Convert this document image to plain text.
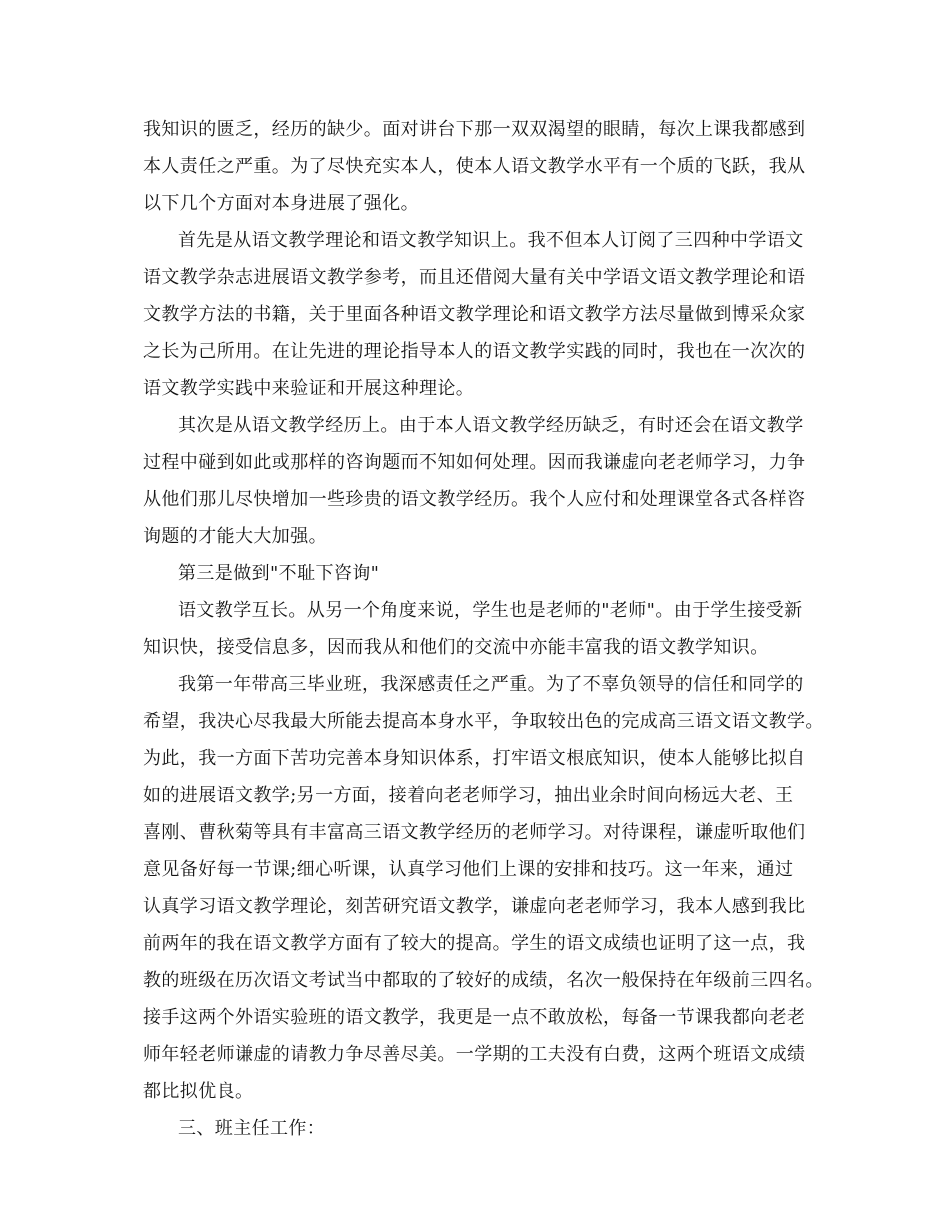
我知识的匮乏，经历的缺少。面对讲台下那一双双渴望的眼睛，每次上课我都感到
本人责任之严重。为了尽快充实本人，使本人语文教学水平有一个质的飞跃，我从
以下几个方面对本身进展了强化。
首先是从语文教学理论和语文教学知识上。我不但本人订阅了三四种中学语文
语文教学杂志进展语文教学参考，而且还借阅大量有关中学语文语文教学理论和语
文教学方法的书籍，关于里面各种语文教学理论和语文教学方法尽量做到博采众家
之长为己所用。在让先进的理论指导本人的语文教学实践的同时，我也在一次次的
语文教学实践中来验证和开展这种理论。
其次是从语文教学经历上。由于本人语文教学经历缺乏，有时还会在语文教学
过程中碰到如此或那样的咨询题而不知如何处理。因而我谦虚向老老师学习，力争
从他们那儿尽快增加一些珍贵的语文教学经历。我个人应付和处理课堂各式各样咨
询题的才能大大加强。
第三是做到"不耻下咨询"
语文教学互长。从另一个角度来说，学生也是老师的"老师"。由于学生接受新
知识快，接受信息多，因而我从和他们的交流中亦能丰富我的语文教学知识。
我第一年带高三毕业班，我深感责任之严重。为了不辜负领导的信任和同学的
希望，我决心尽我最大所能去提高本身水平，争取较出色的完成高三语文语文教学。
为此，我一方面下苦功完善本身知识体系，打牢语文根底知识，使本人能够比拟自
如的进展语文教学;另一方面，接着向老老师学习，抽出业余时间向杨远大老、王
喜刚、曹秋菊等具有丰富高三语文教学经历的老师学习。对待课程，谦虚听取他们
意见备好每一节课;细心听课，认真学习他们上课的安排和技巧。这一年来，通过
认真学习语文教学理论，刻苦研究语文教学，谦虚向老老师学习，我本人感到我比
前两年的我在语文教学方面有了较大的提高。学生的语文成绩也证明了这一点，我
教的班级在历次语文考试当中都取的了较好的成绩，名次一般保持在年级前三四名。
接手这两个外语实验班的语文教学，我更是一点不敢放松，每备一节课我都向老老
师年轻老师谦虚的请教力争尽善尽美。一学期的工夫没有白费，这两个班语文成绩
都比拟优良。
三、班主任工作：
